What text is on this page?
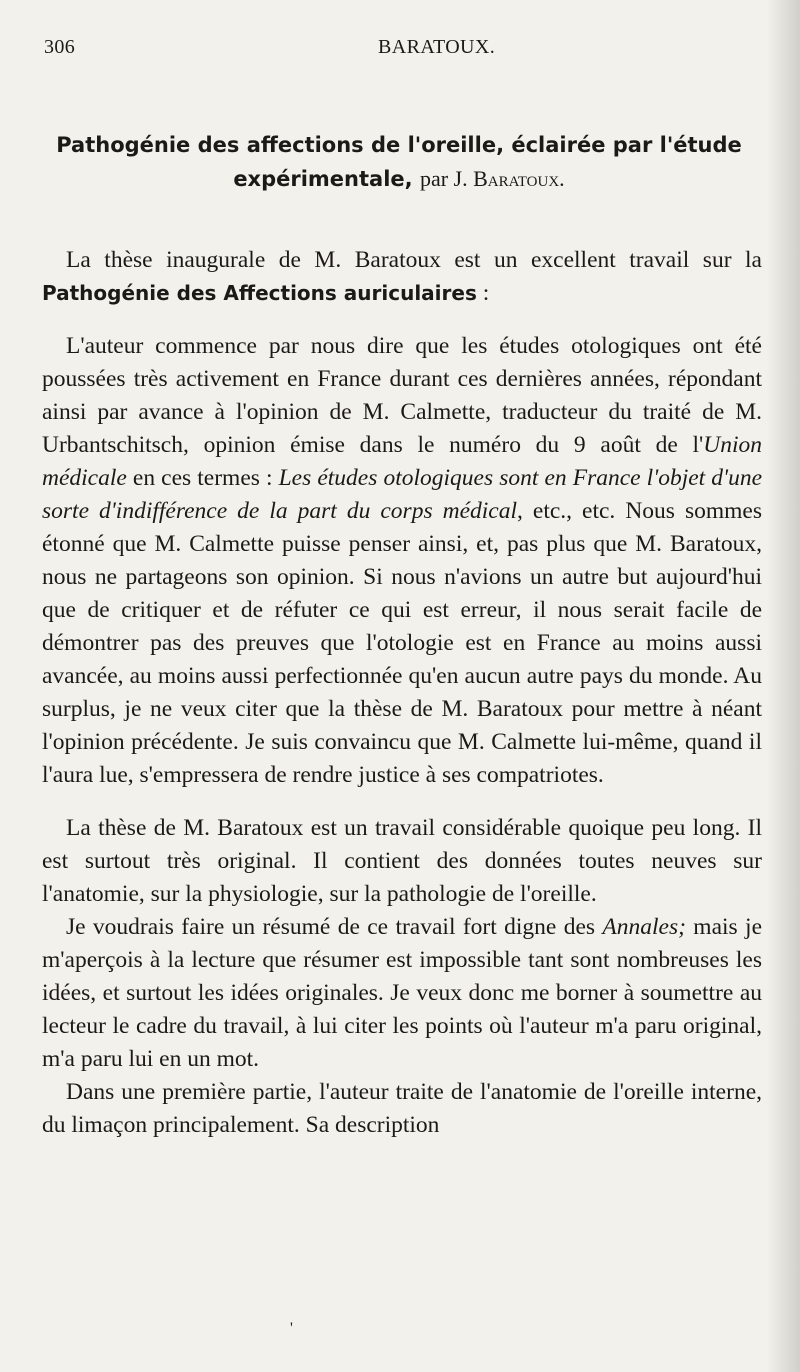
306	BARATOUX.
Pathogénie des affections de l'oreille, éclairée par l'étude
expérimentale, par J. Baratoux.

La thèse inaugurale de M. Baratoux est un excellent travail sur la Pathogénie des Affections auriculaires :

L'auteur commence par nous dire que les études otologiques ont été poussées très activement en France durant ces dernières années, répondant ainsi par avance à l'opinion de M. Calmette, traducteur du traité de M. Urbantschitsch, opinion émise dans le numéro du 9 août de l'Union médicale en ces termes : Les études otologiques sont en France l'objet d'une sorte d'indifférence de la part du corps médical, etc., etc. Nous sommes étonné que M. Calmette puisse penser ainsi, et, pas plus que M. Baratoux, nous ne partageons son opinion. Si nous n'avions un autre but aujourd'hui que de critiquer et de réfuter ce qui est erreur, il nous serait facile de démontrer pas des preuves que l'otologie est en France au moins aussi avancée, au moins aussi perfectionnée qu'en aucun autre pays du monde. Au surplus, je ne veux citer que la thèse de M. Baratoux pour mettre à néant l'opinion précédente. Je suis convaincu que M. Calmette lui-même, quand il l'aura lue, s'empressera de rendre justice à ses compatriotes.

La thèse de M. Baratoux est un travail considérable quoique peu long. Il est surtout très original. Il contient des données toutes neuves sur l'anatomie, sur la physiologie, sur la pathologie de l'oreille.

Je voudrais faire un résumé de ce travail fort digne des Annales; mais je m'aperçois à la lecture que résumer est impossible tant sont nombreuses les idées, et surtout les idées originales. Je veux donc me borner à soumettre au lecteur le cadre du travail, à lui citer les points où l'auteur m'a paru original, m'a paru lui en un mot.

Dans une première partie, l'auteur traite de l'anatomie de l'oreille interne, du limaçon principalement. Sa description

'
